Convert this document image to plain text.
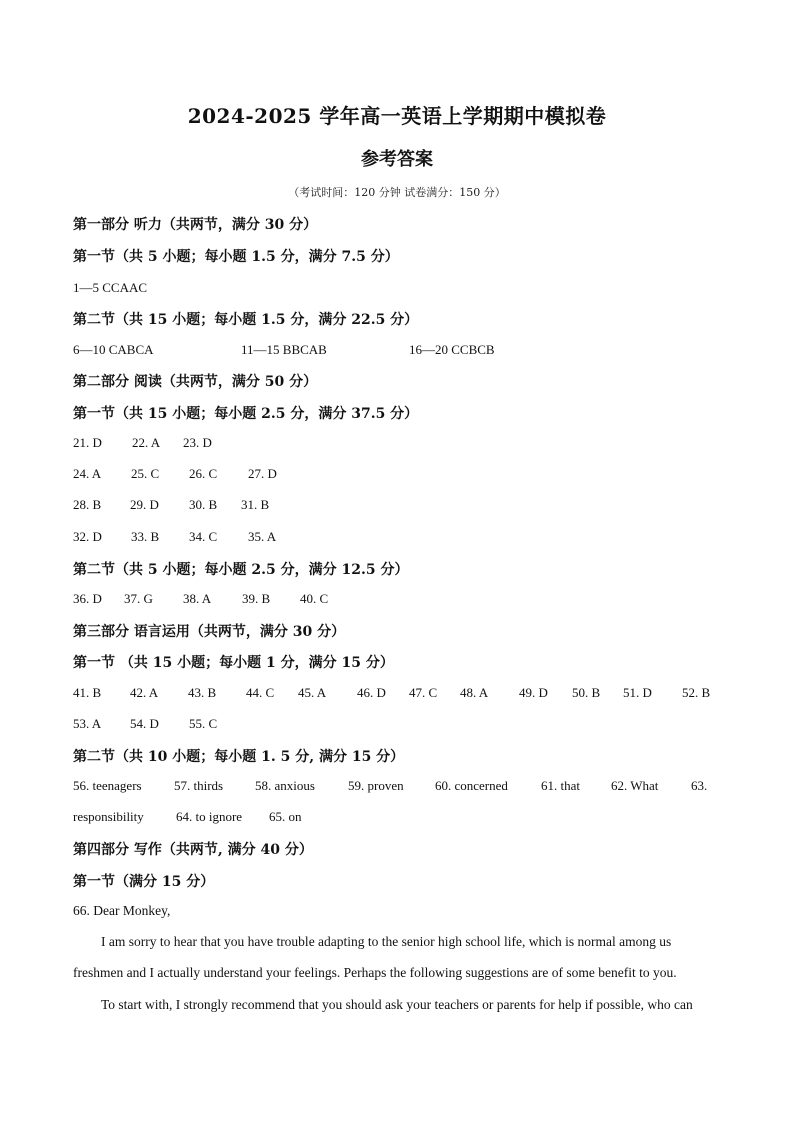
2024-2025 学年高一英语上学期期中模拟卷
参考答案
（考试时间：120 分钟 试卷满分：150 分）
第一部分 听力（共两节，满分 30 分）
第一节（共 5 小题；每小题 1.5 分，满分 7.5 分）
1—5 CCAAC
第二节（共 15 小题；每小题 1.5 分，满分 22.5 分）
6—10 CABCA	11—15 BBCAB	16—20 CCBCB
第二部分 阅读（共两节，满分 50 分）
第一节（共 15 小题；每小题 2.5 分，满分 37.5 分）
21. D 22. A 23. D
24. A 25. C 26. C 27. D
28. B 29. D 30. B 31. B
32. D 33. B 34. C 35. A
第二节（共 5 小题；每小题 2.5 分，满分 12.5 分）
36. D 37. G 38. A 39. B 40. C
第三部分 语言运用（共两节，满分 30 分）
第一节 （共 15 小题；每小题 1 分，满分 15 分）
41. B 42. A 43. B 44. C 45. A 46. D 47. C 48. A 49. D 50. B 51. D 52. B
53. A 54. D 55. C
第二节（共 10 小题；每小题 1. 5 分, 满分 15 分）
56. teenagers 57. thirds 58. anxious	59. proven 60. concerned	61. that 62. What	63.
responsibility 64. to ignore 65. on
第四部分 写作（共两节, 满分 40 分）
第一节（满分 15 分）
66. Dear Monkey,
I am sorry to hear that you have trouble adapting to the senior high school life, which is normal among us
freshmen and I actually understand your feelings. Perhaps the following suggestions are of some benefit to you.
To start with, I strongly recommend that you should ask your teachers or parents for help if possible, who can
